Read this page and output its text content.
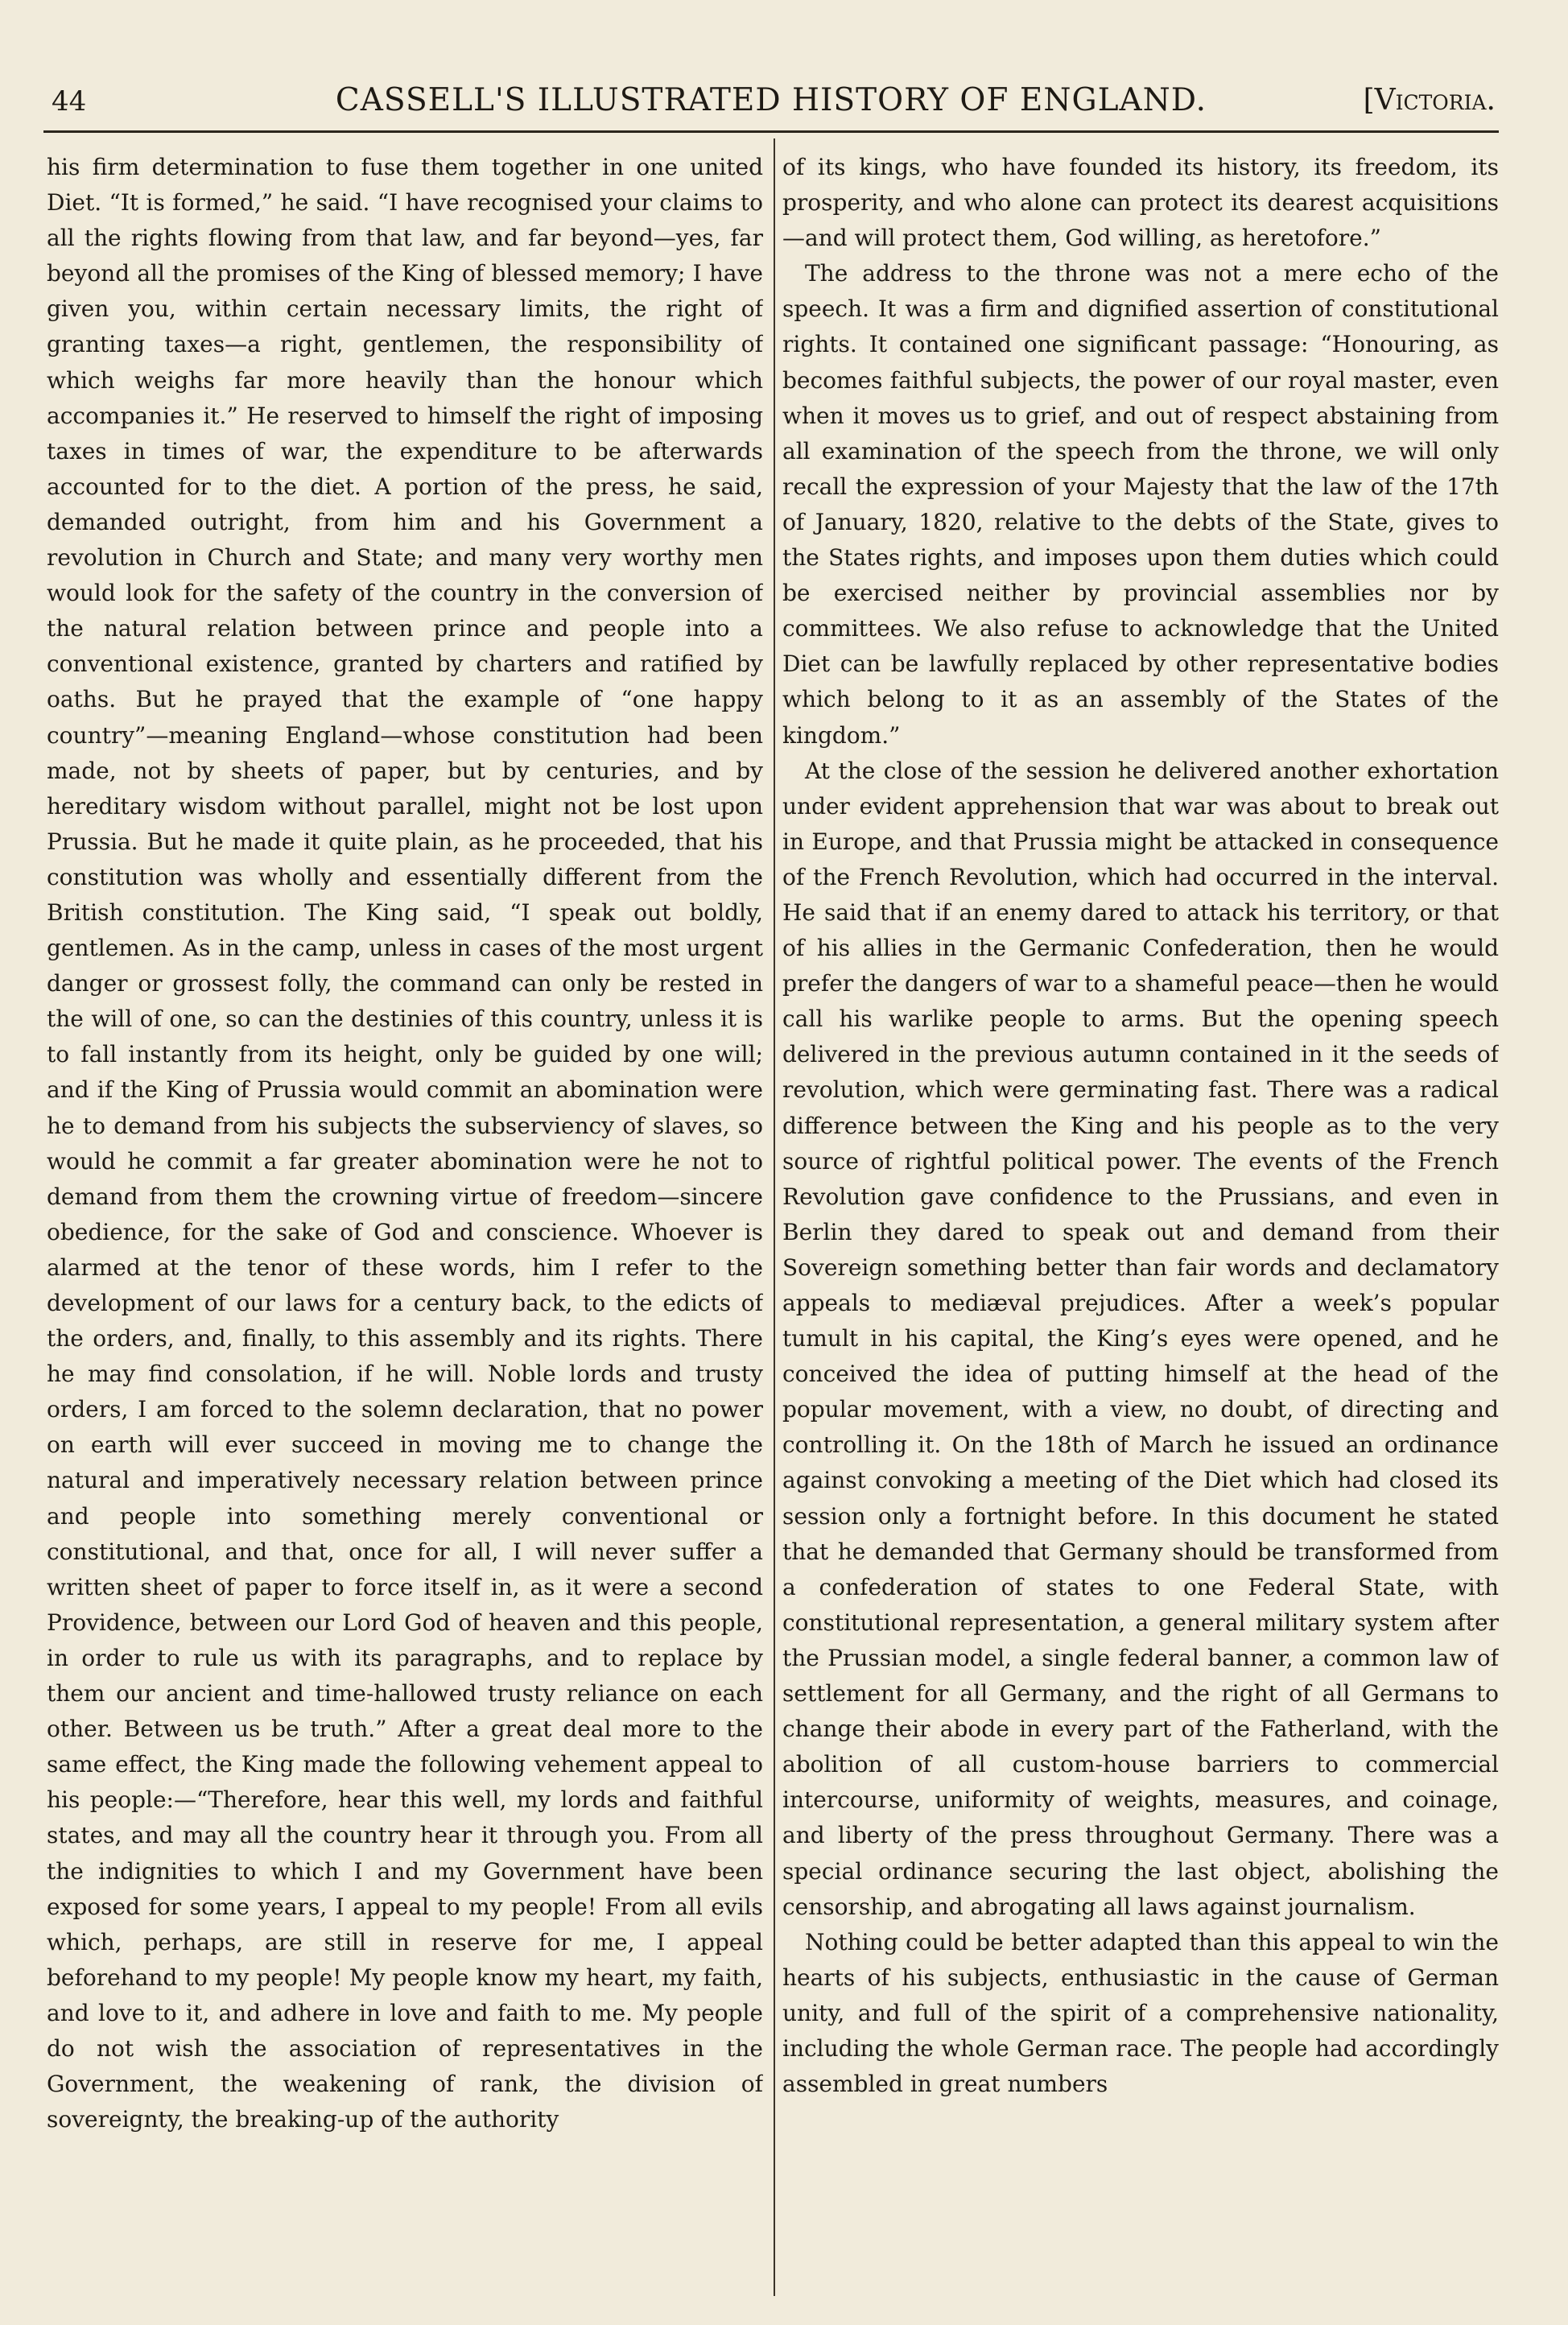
44	CASSELL'S ILLUSTRATED HISTORY OF ENGLAND.	[Victoria.

his firm determination to fuse them together in one united Diet. “It is formed,” he said. “I have recognised your claims to all the rights flowing from that law, and far beyond—yes, far beyond all the promises of the King of blessed memory; I have given you, within certain necessary limits, the right of granting taxes—a right, gentlemen, the responsibility of which weighs far more heavily than the honour which accompanies it.” He reserved to himself the right of imposing taxes in times of war, the expenditure to be afterwards accounted for to the diet. A portion of the press, he said, demanded outright, from him and his Government a revolution in Church and State; and many very worthy men would look for the safety of the country in the conversion of the natural relation between prince and people into a conventional existence, granted by charters and ratified by oaths. But he prayed that the example of “one happy country”—meaning England—whose constitution had been made, not by sheets of paper, but by centuries, and by hereditary wisdom without parallel, might not be lost upon Prussia. But he made it quite plain, as he proceeded, that his constitution was wholly and essentially different from the British constitution. The King said, “I speak out boldly, gentlemen. As in the camp, unless in cases of the most urgent danger or grossest folly, the command can only be rested in the will of one, so can the destinies of this country, unless it is to fall instantly from its height, only be guided by one will; and if the King of Prussia would commit an abomination were he to demand from his subjects the subserviency of slaves, so would he commit a far greater abomination were he not to demand from them the crowning virtue of freedom—sincere obedience, for the sake of God and conscience. Whoever is alarmed at the tenor of these words, him I refer to the development of our laws for a century back, to the edicts of the orders, and, finally, to this assembly and its rights. There he may find consolation, if he will. Noble lords and trusty orders, I am forced to the solemn declaration, that no power on earth will ever succeed in moving me to change the natural and imperatively necessary relation between prince and people into something merely conventional or constitutional, and that, once for all, I will never suffer a written sheet of paper to force itself in, as it were a second Providence, between our Lord God of heaven and this people, in order to rule us with its paragraphs, and to replace by them our ancient and time-hallowed trusty reliance on each other. Between us be truth.” After a great deal more to the same effect, the King made the following vehement appeal to his people:—“Therefore, hear this well, my lords and faithful states, and may all the country hear it through you. From all the indignities to which I and my Government have been exposed for some years, I appeal to my people! From all evils which, perhaps, are still in reserve for me, I appeal beforehand to my people! My people know my heart, my faith, and love to it, and adhere in love and faith to me. My people do not wish the association of representatives in the Government, the weakening of rank, the division of sovereignty, the breaking-up of the authority

of its kings, who have founded its history, its freedom, its prosperity, and who alone can protect its dearest acquisitions—and will protect them, God willing, as heretofore.”

The address to the throne was not a mere echo of the speech. It was a firm and dignified assertion of constitutional rights. It contained one significant passage: “Honouring, as becomes faithful subjects, the power of our royal master, even when it moves us to grief, and out of respect abstaining from all examination of the speech from the throne, we will only recall the expression of your Majesty that the law of the 17th of January, 1820, relative to the debts of the State, gives to the States rights, and imposes upon them duties which could be exercised neither by provincial assemblies nor by committees. We also refuse to acknowledge that the United Diet can be lawfully replaced by other representative bodies which belong to it as an assembly of the States of the kingdom.”

At the close of the session he delivered another exhortation under evident apprehension that war was about to break out in Europe, and that Prussia might be attacked in consequence of the French Revolution, which had occurred in the interval. He said that if an enemy dared to attack his territory, or that of his allies in the Germanic Confederation, then he would prefer the dangers of war to a shameful peace—then he would call his warlike people to arms. But the opening speech delivered in the previous autumn contained in it the seeds of revolution, which were germinating fast. There was a radical difference between the King and his people as to the very source of rightful political power. The events of the French Revolution gave confidence to the Prussians, and even in Berlin they dared to speak out and demand from their Sovereign something better than fair words and declamatory appeals to mediæval prejudices. After a week’s popular tumult in his capital, the King’s eyes were opened, and he conceived the idea of putting himself at the head of the popular movement, with a view, no doubt, of directing and controlling it. On the 18th of March he issued an ordinance against convoking a meeting of the Diet which had closed its session only a fortnight before. In this document he stated that he demanded that Germany should be transformed from a confederation of states to one Federal State, with constitutional representation, a general military system after the Prussian model, a single federal banner, a common law of settlement for all Germany, and the right of all Germans to change their abode in every part of the Fatherland, with the abolition of all custom-house barriers to commercial intercourse, uniformity of weights, measures, and coinage, and liberty of the press throughout Germany. There was a special ordinance securing the last object, abolishing the censorship, and abrogating all laws against journalism.

Nothing could be better adapted than this appeal to win the hearts of his subjects, enthusiastic in the cause of German unity, and full of the spirit of a comprehensive nationality, including the whole German race. The people had accordingly assembled in great numbers
